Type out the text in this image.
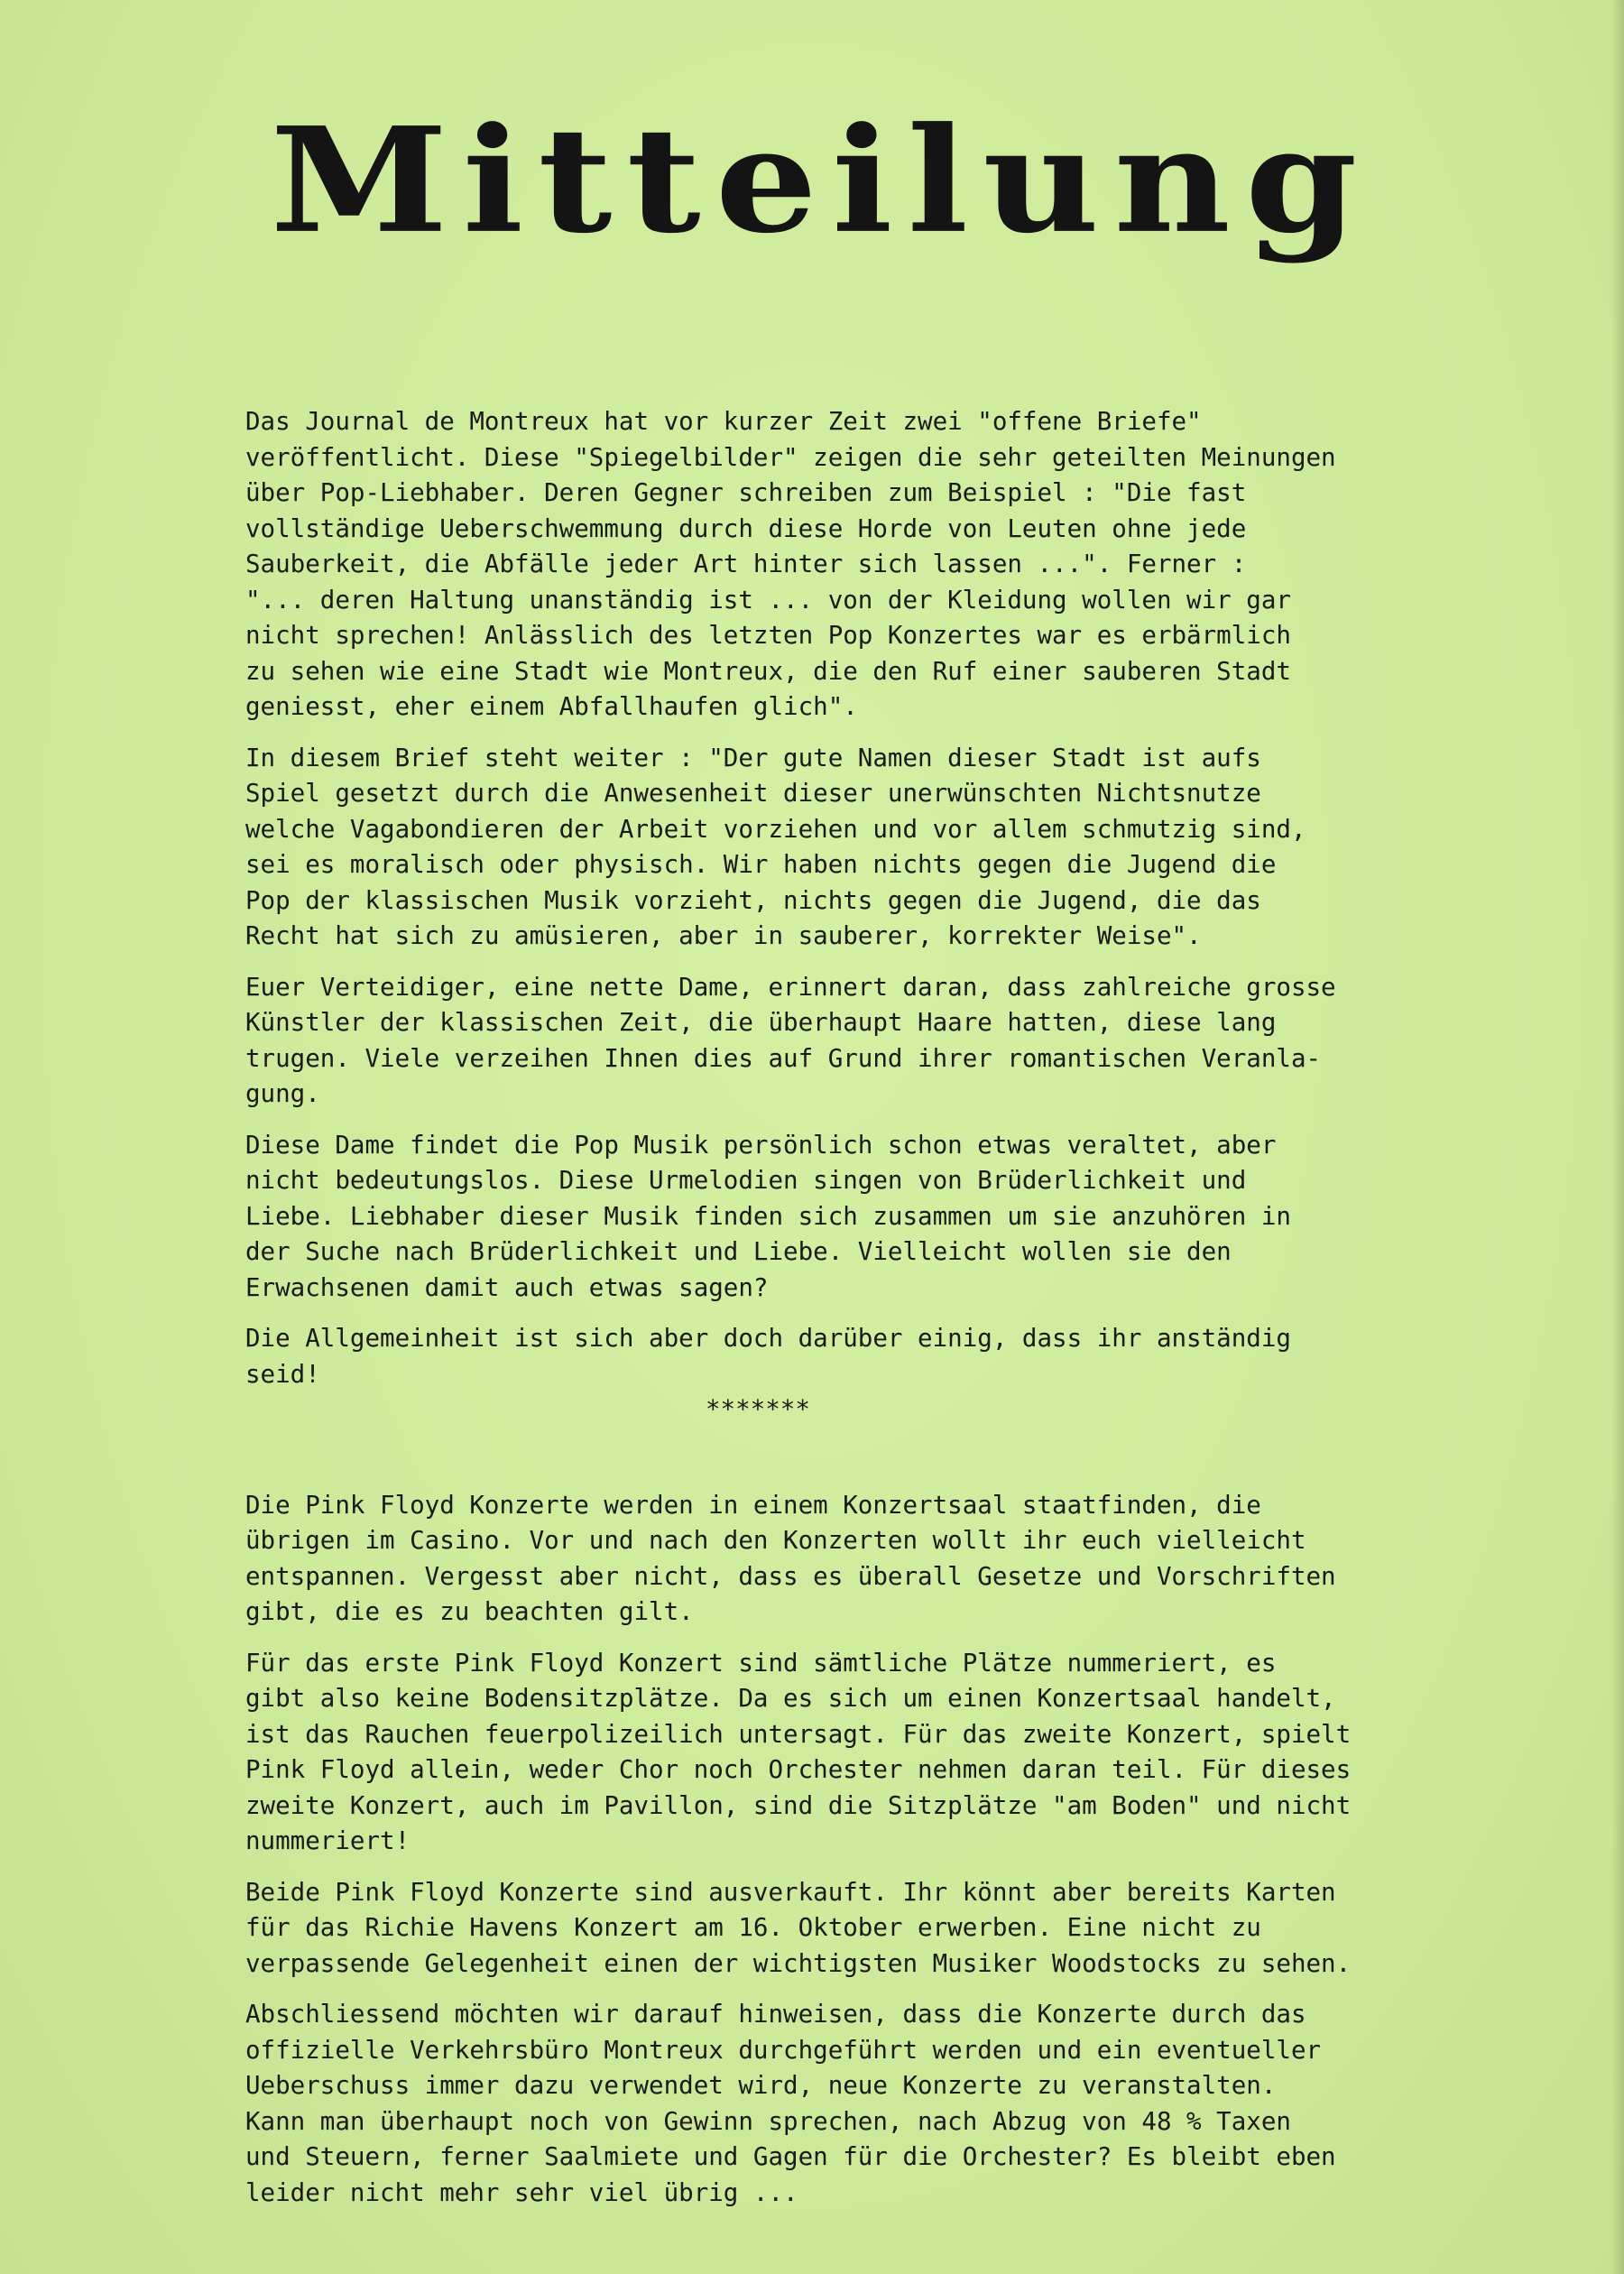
Mitteilung

Das Journal de Montreux hat vor kurzer Zeit zwei "offene Briefe"
veröffentlicht. Diese "Spiegelbilder" zeigen die sehr geteilten Meinungen
über Pop-Liebhaber. Deren Gegner schreiben zum Beispiel : "Die fast
vollständige Ueberschwemmung durch diese Horde von Leuten ohne jede
Sauberkeit, die Abfälle jeder Art hinter sich lassen ...". Ferner :
"... deren Haltung unanständig ist ... von der Kleidung wollen wir gar
nicht sprechen! Anlässlich des letzten Pop Konzertes war es erbärmlich
zu sehen wie eine Stadt wie Montreux, die den Ruf einer sauberen Stadt
geniesst, eher einem Abfallhaufen glich".

In diesem Brief steht weiter : "Der gute Namen dieser Stadt ist aufs
Spiel gesetzt durch die Anwesenheit dieser unerwünschten Nichtsnutze
welche Vagabondieren der Arbeit vorziehen und vor allem schmutzig sind,
sei es moralisch oder physisch. Wir haben nichts gegen die Jugend die
Pop der klassischen Musik vorzieht, nichts gegen die Jugend, die das
Recht hat sich zu amüsieren, aber in sauberer, korrekter Weise".

Euer Verteidiger, eine nette Dame, erinnert daran, dass zahlreiche grosse
Künstler der klassischen Zeit, die überhaupt Haare hatten, diese lang
trugen. Viele verzeihen Ihnen dies auf Grund ihrer romantischen Veranla-
gung.

Diese Dame findet die Pop Musik persönlich schon etwas veraltet, aber
nicht bedeutungslos. Diese Urmelodien singen von Brüderlichkeit und
Liebe. Liebhaber dieser Musik finden sich zusammen um sie anzuhören in
der Suche nach Brüderlichkeit und Liebe. Vielleicht wollen sie den
Erwachsenen damit auch etwas sagen?

Die Allgemeinheit ist sich aber doch darüber einig, dass ihr anständig
seid!

*******

Die Pink Floyd Konzerte werden in einem Konzertsaal staatfinden, die
übrigen im Casino. Vor und nach den Konzerten wollt ihr euch vielleicht
entspannen. Vergesst aber nicht, dass es überall Gesetze und Vorschriften
gibt, die es zu beachten gilt.

Für das erste Pink Floyd Konzert sind sämtliche Plätze nummeriert, es
gibt also keine Bodensitzplätze. Da es sich um einen Konzertsaal handelt,
ist das Rauchen feuerpolizeilich untersagt. Für das zweite Konzert, spielt
Pink Floyd allein, weder Chor noch Orchester nehmen daran teil. Für dieses
zweite Konzert, auch im Pavillon, sind die Sitzplätze "am Boden" und nicht
nummeriert!

Beide Pink Floyd Konzerte sind ausverkauft. Ihr könnt aber bereits Karten
für das Richie Havens Konzert am 16. Oktober erwerben. Eine nicht zu
verpassende Gelegenheit einen der wichtigsten Musiker Woodstocks zu sehen.

Abschliessend möchten wir darauf hinweisen, dass die Konzerte durch das
offizielle Verkehrsbüro Montreux durchgeführt werden und ein eventueller
Ueberschuss immer dazu verwendet wird, neue Konzerte zu veranstalten.
Kann man überhaupt noch von Gewinn sprechen, nach Abzug von 48 % Taxen
und Steuern, ferner Saalmiete und Gagen für die Orchester? Es bleibt eben
leider nicht mehr sehr viel übrig ...
